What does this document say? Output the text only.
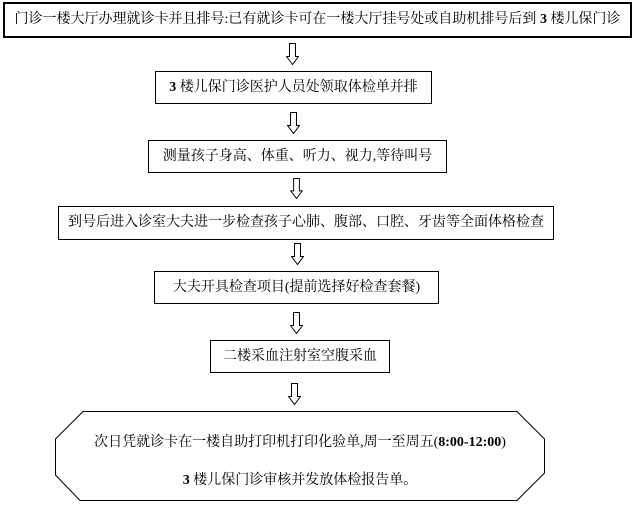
门诊一楼大厅办理就诊卡并且排号:已有就诊卡可在一楼大厅挂号处或自助机排号后到 3 楼儿保门诊
3 楼儿保门诊医护人员处领取体检单并排
测量孩子身高、体重、听力、视力,等待叫号
到号后进入诊室大夫进一步检查孩子心肺、腹部、口腔、牙齿等全面体格检查
大夫开具检查项目(提前选择好检查套餐)
二楼采血注射室空腹采血
次日凭就诊卡在一楼自助打印机打印化验单,周一至周五(8:00-12:00)
3 楼儿保门诊审核并发放体检报告单。
